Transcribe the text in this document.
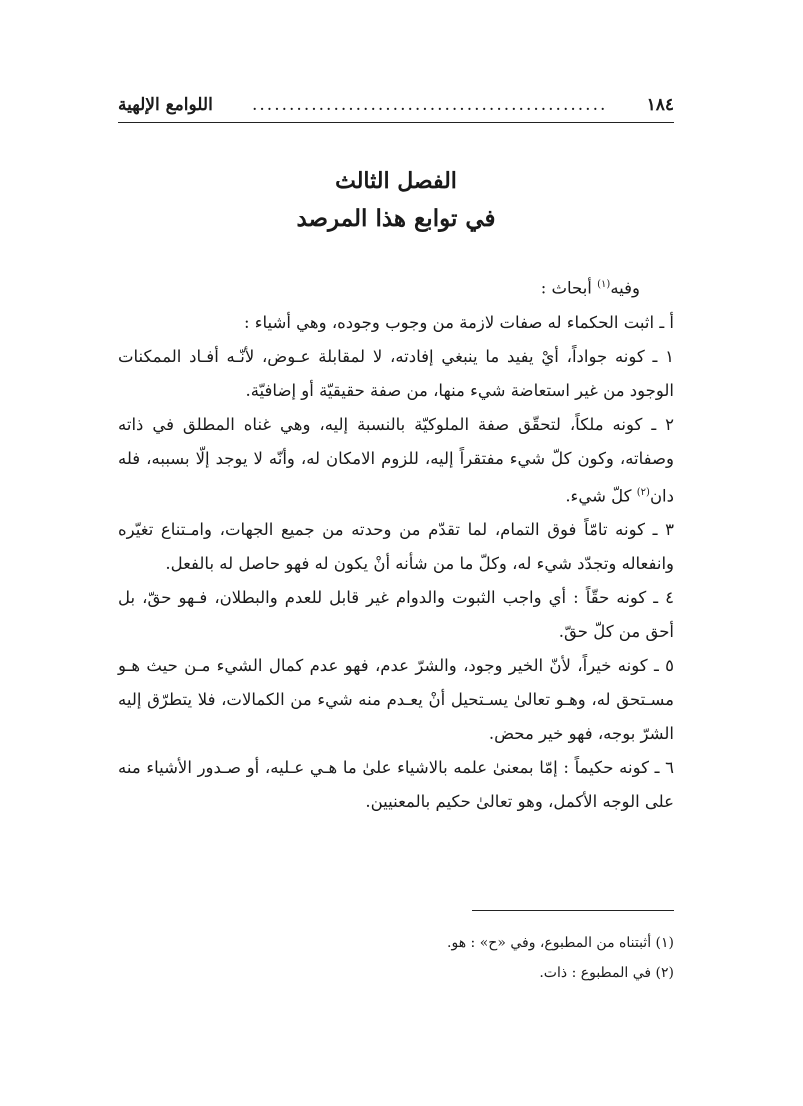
١٨٤
................................................
اللوامع الإلهية
الفصل الثالث
في توابع هذا المرصد

وفيه$^{(١)}$ أبحاث :

أ ـ اثبت الحكماء له صفات لازمة من وجوب وجوده، وهي أشياء :

١ ـ كونه جواداً، أيْ يفيد ما ينبغي إفادته، لا لمقابلة عـوض، لأنّـه أفـاد الممكنات الوجود من غير استعاضة شيء منها، من صفة حقيقيّة أو إضافيّة.

٢ ـ كونه ملكاً، لتحقّق صفة الملوكيّة بالنسبة إليه، وهي غناه المطلق في ذاته وصفاته، وكون كلّ شيء مفتقراً إليه، للزوم الامكان له، وأنّه لا يوجد إلّا بسببه، فله دان$^{(٢)}$ كلّ شيء.

٣ ـ كونه تامّاً فوق التمام، لما تقدّم من وحدته من جميع الجهات، وامـتناع تغيّره وانفعاله وتجدّد شيء له، وكلّ ما من شأنه أنْ يكون له فهو حاصل له بالفعل.

٤ ـ كونه حقّاً : أي واجب الثبوت والدوام غير قابل للعدم والبطلان، فـهو حقّ، بل أحق من كلّ حقّ.

٥ ـ كونه خيراً، لأنّ الخير وجود، والشرّ عدم، فهو عدم كمال الشيء مـن حيث هـو مسـتحق له، وهـو تعالىٰ يسـتحيل أنْ يعـدم منه شيء من الكمالات، فلا يتطرّق إليه الشرّ بوجه، فهو خير محض.

٦ ـ كونه حكيماً : إمّا بمعنىٰ علمه بالاشياء علىٰ ما هـي عـليه، أو صـدور الأشياء منه على الوجه الأكمل، وهو تعالىٰ حكيم بالمعنيين.

(١) أثبتناه من المطبوع، وفي «ح» : هو.
(٢) في المطبوع : ذات.
